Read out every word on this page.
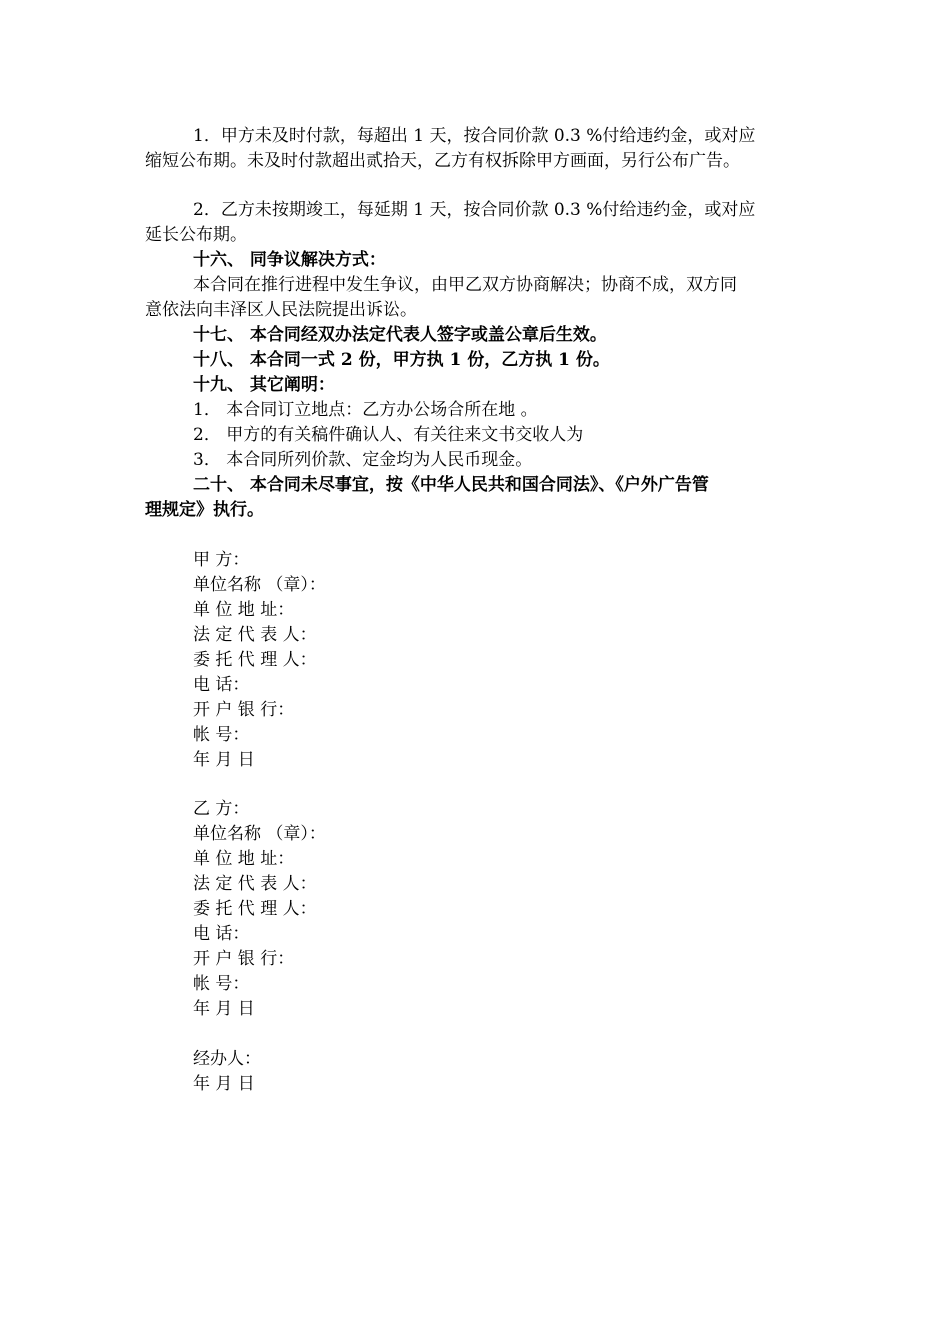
1．甲方未及时付款，每超出 1 天，按合同价款 0.3 %付给违约金，或对应
缩短公布期。未及时付款超出贰拾天，乙方有权拆除甲方画面，另行公布广告。
2．乙方未按期竣工，每延期 1 天，按合同价款 0.3 %付给违约金，或对应
延长公布期。
十六、 同争议解决方式：
本合同在推行进程中发生争议，由甲乙双方协商解决；协商不成，双方同
意依法向丰泽区人民法院提出诉讼。
十七、 本合同经双办法定代表人签字或盖公章后生效。
十八、 本合同一式 2 份，甲方执 1 份，乙方执 1 份。
十九、 其它阐明：
1． 本合同订立地点：乙方办公场合所在地 。
2． 甲方的有关稿件确认人、有关往来文书交收人为
3． 本合同所列价款、定金均为人民币现金。
二十、 本合同未尽事宜，按《中华人民共和国合同法》、《户外广告管
理规定》执行。
甲 方：
单位名称 （章）：
单 位 地 址：
法 定 代 表 人：
委 托 代 理 人：
电 话：
开 户 银 行：
帐 号：
年 月 日
乙 方：
单位名称 （章）：
单 位 地 址：
法 定 代 表 人：
委 托 代 理 人：
电 话：
开 户 银 行：
帐 号：
年 月 日
经办人：
年 月 日
